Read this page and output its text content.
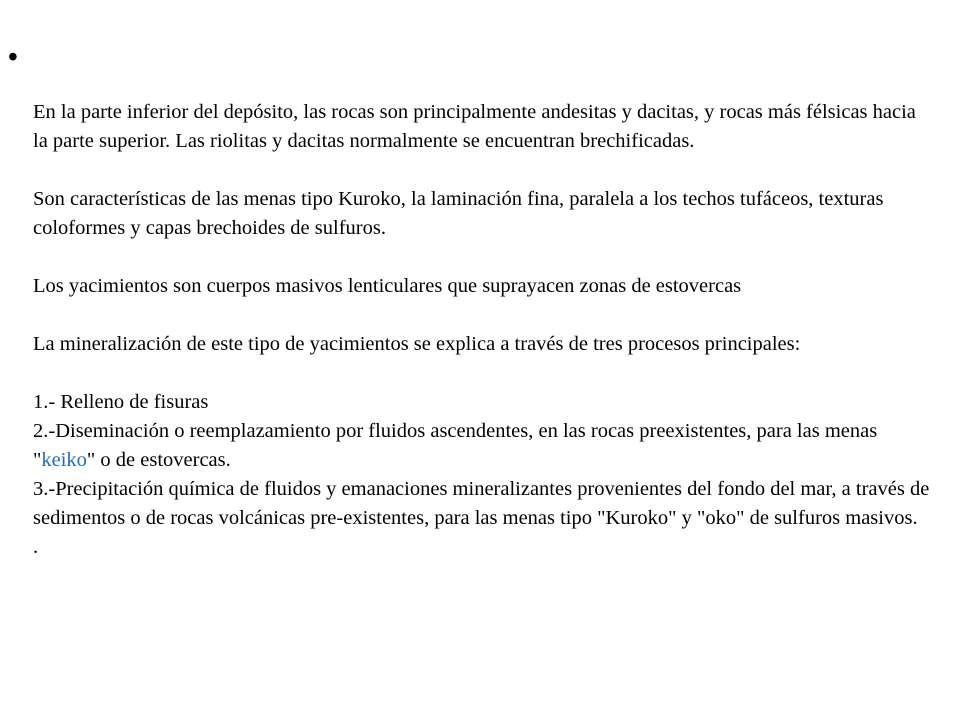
•

En la parte inferior del depósito, las rocas son principalmente andesitas y dacitas, y rocas más félsicas hacia la parte superior. Las riolitas y dacitas normalmente se encuentran brechificadas.

Son características de las menas tipo Kuroko, la laminación fina, paralela a los techos tufáceos, texturas coloformes y capas brechoides de sulfuros.

Los yacimientos son cuerpos masivos lenticulares que suprayacen zonas de estovercas

La mineralización de este tipo de yacimientos se explica a través de tres procesos principales:

1.- Relleno de fisuras

2.-Diseminación o reemplazamiento por fluidos ascendentes, en las rocas preexistentes, para las menas "keiko" o de estovercas.

3.-Precipitación química de fluidos y emanaciones mineralizantes provenientes del fondo del mar, a través de sedimentos o de rocas volcánicas pre-existentes, para las menas tipo "Kuroko" y "oko" de sulfuros masivos.

.
